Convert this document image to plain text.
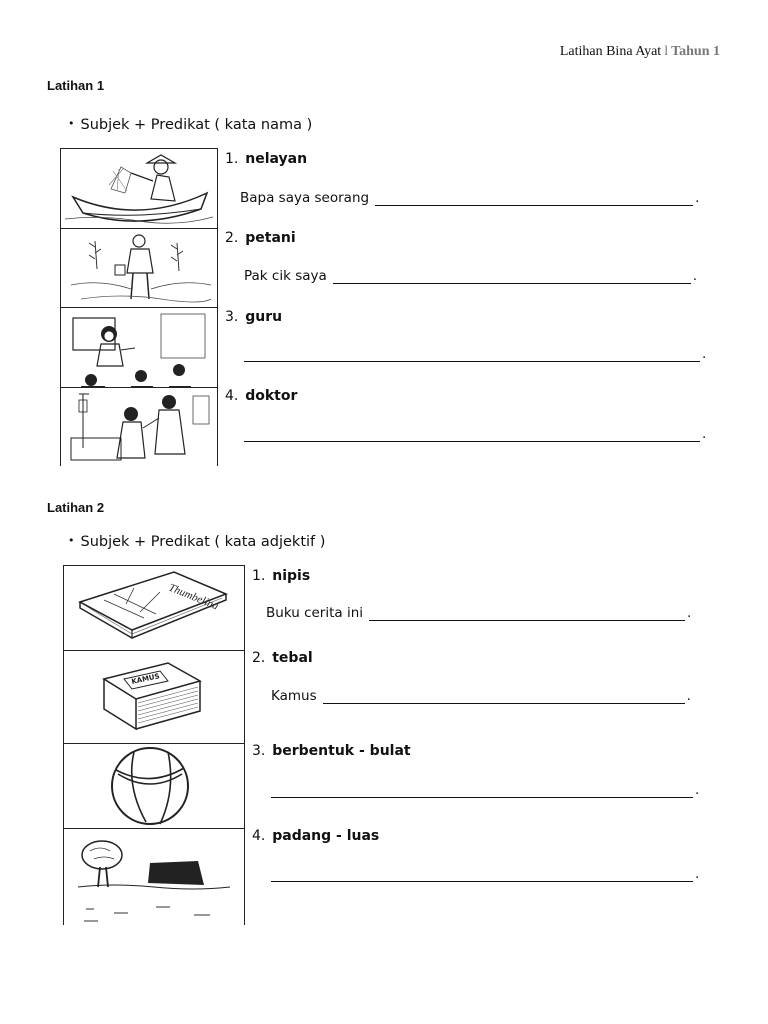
Latihan Bina Ayat l Tahun 1
Latihan 1
• Subjek + Predikat ( kata nama )
1. nelayan
Bapa saya seorang	.
2. petani
Pak cik saya	.
3. guru
.
4. doktor
.
Latihan 2
• Subjek + Predikat ( kata adjektif )
Thumbelina
KAMUS
1. nipis
Buku cerita ini	.
2. tebal
Kamus	.
3. berbentuk - bulat
.
4. padang - luas
.
